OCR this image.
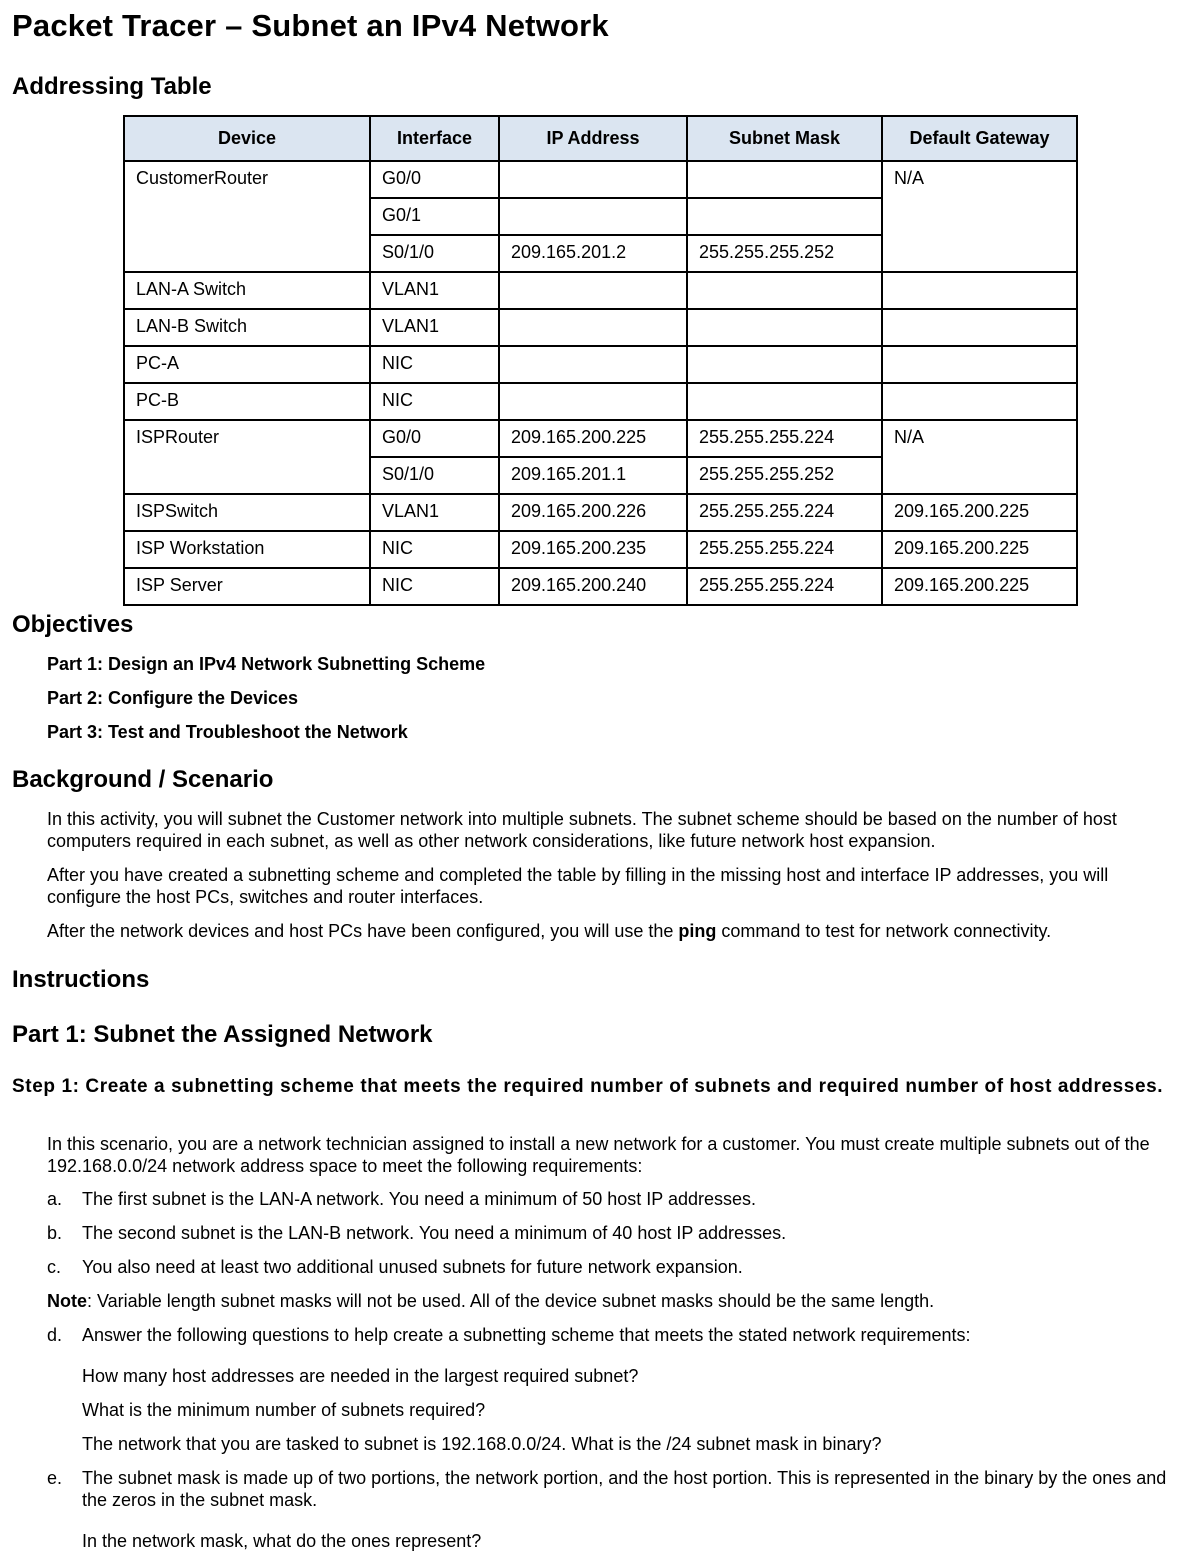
Packet Tracer – Subnet an IPv4 Network
Addressing Table
Device	Interface	IP Address	Subnet Mask	Default Gateway
CustomerRouter	G0/0			N/A
	G0/1			
	S0/1/0	209.165.201.2	255.255.255.252	
LAN-A Switch	VLAN1			
LAN-B Switch	VLAN1			
PC-A	NIC			
PC-B	NIC			
ISPRouter	G0/0	209.165.200.225	255.255.255.224	N/A
	S0/1/0	209.165.201.1	255.255.255.252	
ISPSwitch	VLAN1	209.165.200.226	255.255.255.224	209.165.200.225
ISP Workstation	NIC	209.165.200.235	255.255.255.224	209.165.200.225
ISP Server	NIC	209.165.200.240	255.255.255.224	209.165.200.225
Objectives

Part 1: Design an IPv4 Network Subnetting Scheme

Part 2: Configure the Devices

Part 3: Test and Troubleshoot the Network

Background / Scenario

In this activity, you will subnet the Customer network into multiple subnets. The subnet scheme should be based on the number of host computers required in each subnet, as well as other network considerations, like future network host expansion.

After you have created a subnetting scheme and completed the table by filling in the missing host and interface IP addresses, you will configure the host PCs, switches and router interfaces.

After the network devices and host PCs have been configured, you will use the ping command to test for network connectivity.

Instructions
Part 1: Subnet the Assigned Network
Step 1: Create a subnetting scheme that meets the required number of subnets and required number of host addresses.

In this scenario, you are a network technician assigned to install a new network for a customer. You must create multiple subnets out of the 192.168.0.0/24 network address space to meet the following requirements:

a. The first subnet is the LAN-A network. You need a minimum of 50 host IP addresses.
b. The second subnet is the LAN-B network. You need a minimum of 40 host IP addresses.
c. You also need at least two additional unused subnets for future network expansion.

Note: Variable length subnet masks will not be used. All of the device subnet masks should be the same length.

d. Answer the following questions to help create a subnetting scheme that meets the stated network requirements:

How many host addresses are needed in the largest required subnet?

What is the minimum number of subnets required?

The network that you are tasked to subnet is 192.168.0.0/24. What is the /24 subnet mask in binary?

e. The subnet mask is made up of two portions, the network portion, and the host portion. This is represented in the binary by the ones and the zeros in the subnet mask.

In the network mask, what do the ones represent?
